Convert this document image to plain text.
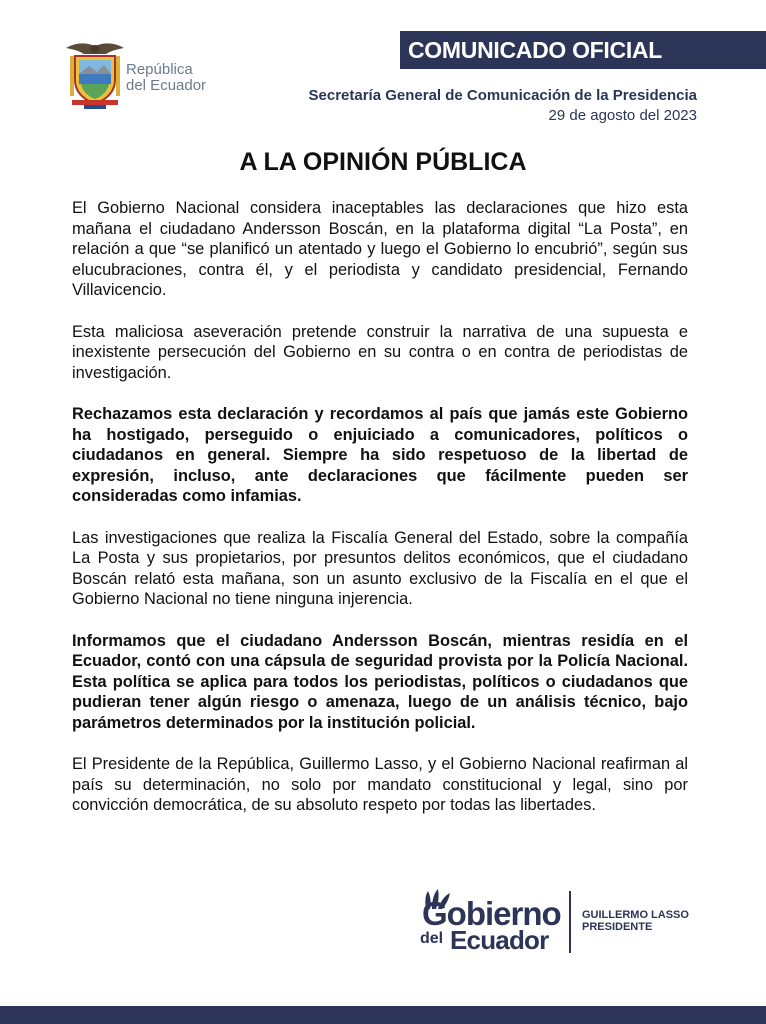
República
del Ecuador
COMUNICADO OFICIAL
Secretaría General de Comunicación de la Presidencia
29 de agosto del 2023
A LA OPINIÓN PÚBLICA

El Gobierno Nacional considera inaceptables las declaraciones que hizo esta mañana el ciudadano Andersson Boscán, en la plataforma digital “La Posta”, en relación a que “se planificó un atentado y luego el Gobierno lo encubrió”, según sus elucubraciones, contra él, y el periodista y candidato presidencial, Fernando Villavicencio.

Esta maliciosa aseveración pretende construir la narrativa de una supuesta e inexistente persecución del Gobierno en su contra o en contra de periodistas de investigación.

Rechazamos esta declaración y recordamos al país que jamás este Gobierno ha hostigado, perseguido o enjuiciado a comunicadores, políticos o ciudadanos en general. Siempre ha sido respetuoso de la libertad de expresión, incluso, ante declaraciones que fácilmente pueden ser consideradas como infamias.

Las investigaciones que realiza la Fiscalía General del Estado, sobre la compañía La Posta y sus propietarios, por presuntos delitos económicos, que el ciudadano Boscán relató esta mañana, son un asunto exclusivo de la Fiscalía en el que el Gobierno Nacional no tiene ninguna injerencia.

Informamos que el ciudadano Andersson Boscán, mientras residía en el Ecuador, contó con una cápsula de seguridad provista por la Policía Nacional. Esta política se aplica para todos los periodistas, políticos o ciudadanos que pudieran tener algún riesgo o amenaza, luego de un análisis técnico, bajo parámetros determinados por la institución policial.

El Presidente de la República, Guillermo Lasso, y el Gobierno Nacional reafirman al país su determinación, no solo por mandato constitucional y legal, sino por convicción democrática, de su absoluto respeto por todas las libertades.

Gobierno
del Ecuador
GUILLERMO LASSO
PRESIDENTE
